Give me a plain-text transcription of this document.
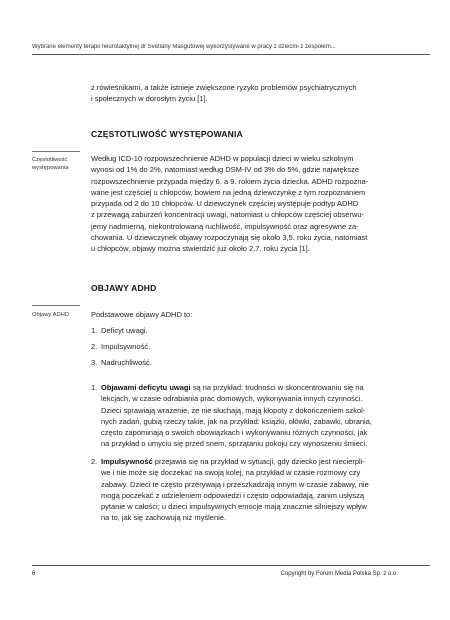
Wybrane elementy terapii neurotaktylnej dr Svetlany Masgutowej wykorzystywane w pracy z dziećmi z zespołem...
z rówieśnikami, a także istnieje zwiększone ryzyko problemów psychiatrycznych
i społecznych w dorosłym życiu [1].
CZĘSTOTLIWOŚĆ WYSTĘPOWANIA
Częstotliwość
występowania
Według ICD-10 rozpowszechnienie ADHD w populacji dzieci w wieku szkolnym
wynosi od 1% do 2%, natomiast według DSM-IV od 3% do 5%, gdzie największe
rozpowszechnienie przypada między 6. a 9. rokiem życia dziecka. ADHD rozpozna-
wane jest częściej u chłopców, bowiem na jedną dziewczynkę z tym rozpoznaniem
przypada od 2 do 10 chłopców. U dziewczynek częściej występuje podtyp ADHD
z przewagą zaburzeń koncentracji uwagi, natomiast u chłopców częściej obserwu-
jemy nadmierną, niekontrolowaną ruchliwość, impulsywność oraz agresywne za-
chowania. U dziewczynek objawy rozpoczynają się około 3,5. roku życia, natomiast
u chłopców, objawy można stwierdzić już około 2,7. roku życia [1].
OBJAWY ADHD
Objawy ADHD	Podstawowe objawy ADHD to:
1. Deficyt uwagi.
2. Impulsywność.
3. Nadruchliwość.
1. Objawami deficytu uwagi są na przykład: trudności w skoncentrowaniu się na
lekcjach, w czasie odrabiania prac domowych, wykonywania innych czynności.
Dzieci sprawiają wrażenie, że nie słuchają, mają kłopoty z dokończeniem szkol-
nych zadań, gubią rzeczy takie, jak na przykład: książki, ołówki, zabawki, ubrania,
często zapominają o swoich obowiązkach i wykonywaniu różnych czynności, jak
na przykład o umyciu się przed snem, sprzątaniu pokoju czy wynoszeniu śmieci.
2. Impulsywność przejawia się na przykład w sytuacji, gdy dziecko jest niecierpli-
we i nie może się doczekać na swoją kolej, na przykład w czasie rozmowy czy
zabawy. Dzieci te często przerywają i przeszkadzają innym w czasie zabawy, nie
mogą poczekać z udzieleniem odpowiedzi i często odpowiadają, zanim usłyszą
pytanie w całości; u dzieci impulsywnych emocje mają znacznie silniejszy wpływ
na to, jak się zachowują niż myślenie.
6	Copyright by Forum Media Polska Sp. z o.o.
